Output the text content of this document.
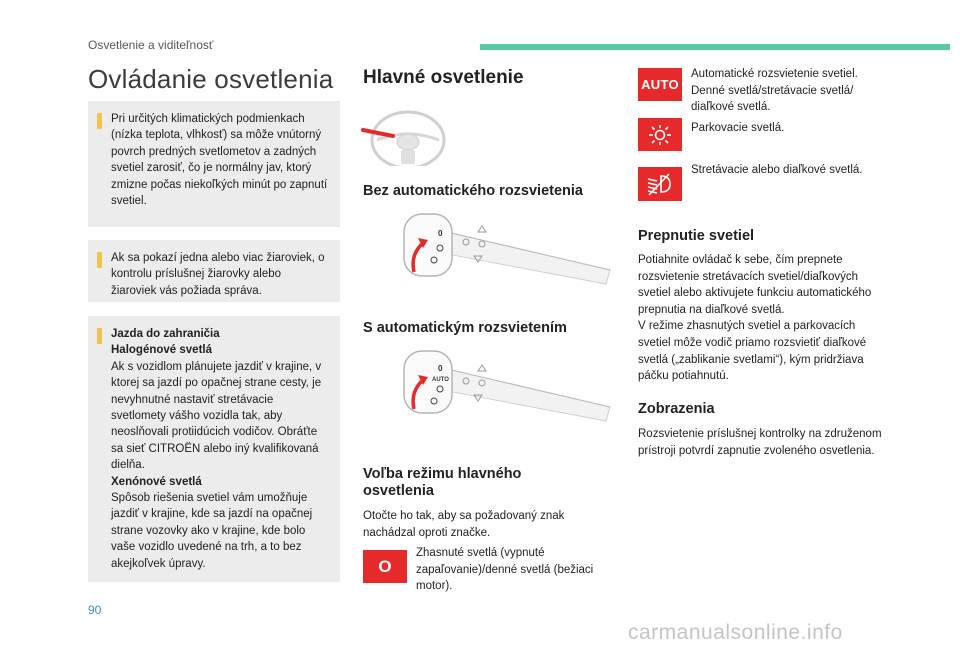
Osvetlenie a viditeľnosť
Ovládanie osvetlenia

Pri určitých klimatických podmienkach (nízka teplota, vlhkosť) sa môže vnútorný povrch predných svetlometov a zadných svetiel zarosiť, čo je normálny jav, ktorý zmizne počas niekoľkých minút po zapnutí svetiel.

Ak sa pokazí jedna alebo viac žiaroviek, o kontrolu príslušnej žiarovky alebo žiaroviek vás požiada správa.

Jazda do zahraničia
Halogénové svetlá

Ak s vozidlom plánujete jazdiť v krajine, v ktorej sa jazdí po opačnej strane cesty, je nevyhnutné nastaviť stretávacie svetlomety vášho vozidla tak, aby neoslňovali protiidúcich vodičov. Obráťte sa sieť CITROËN alebo iný kvalifikovaná dielňa.

Xenónové svetlá

Spôsob riešenia svetiel vám umožňuje jazdiť v krajine, kde sa jazdí na opačnej strane vozovky ako v krajine, kde bolo vaše vozidlo uvedené na trh, a to bez akejkoľvek úpravy.

Hlavné osvetlenie
Bez automatického rozsvietenia
0
S automatickým rozsvietením
0
AUTO
Voľba režimu hlavného osvetlenia
Otočte ho tak, aby sa požadovaný znak nachádzal oproti značke.
O
Zhasnuté svetlá (vypnuté zapaľovanie)/denné svetlá (bežiaci motor).
AUTO
Automatické rozsvietenie svetiel. Denné svetlá/stretávacie svetlá/ diaľkové svetlá.
Parkovacie svetlá.
Stretávacie alebo diaľkové svetlá.
Prepnutie svetiel
Potiahnite ovládač k sebe, čím prepnete rozsvietenie stretávacích svetiel/diaľkových svetiel alebo aktivujete funkciu automatického prepnutia na diaľkové svetlá.
V režime zhasnutých svetiel a parkovacích svetiel môže vodič priamo rozsvietiť diaľkové svetlá („zablikanie svetlami“), kým pridržiava páčku potiahnutú.
Zobrazenia
Rozsvietenie príslušnej kontrolky na združenom prístroji potvrdí zapnutie zvoleného osvetlenia.
90
carmanualsonline.info
